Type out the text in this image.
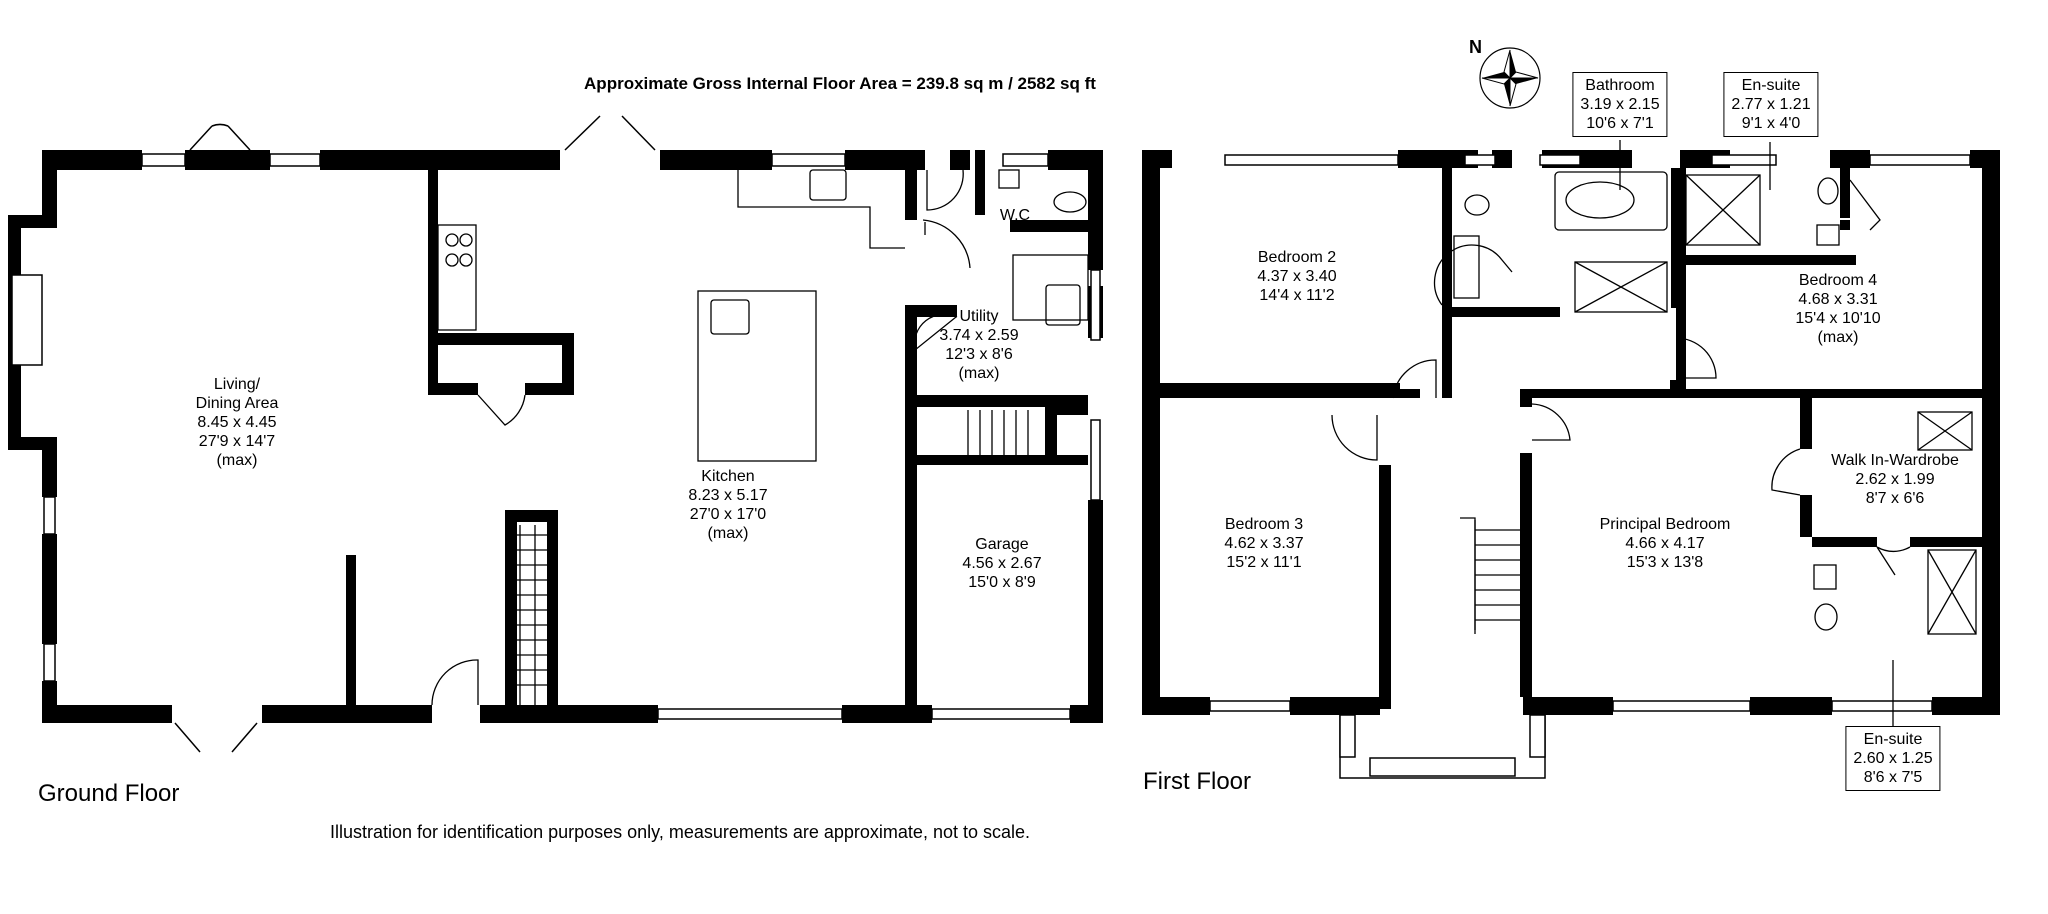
Approximate Gross Internal Floor Area = 239.8 sq m / 2582 sq ft
N
Ground Floor	First Floor
Living/
Dining Area
8.45 x 4.45
27'9 x 14'7
(max)
Kitchen
8.23 x 5.17
27'0 x 17'0
(max)
Utility
3.74 x 2.59
12'3 x 8'6
(max)
W.C
Garage
4.56 x 2.67
15'0 x 8'9
Bedroom 2
4.37 x 3.40
14'4 x 11'2
Bedroom 3
4.62 x 3.37
15'2 x 11'1
Bedroom 4
4.68 x 3.31
15'4 x 10'10
(max)
Principal Bedroom
4.66 x 4.17
15'3 x 13'8
Walk In-Wardrobe
2.62 x 1.99
8'7 x 6'6
Bathroom
3.19 x 2.15
10'6 x 7'1
En-suite
2.77 x 1.21
9'1 x 4'0
En-suite
2.60 x 1.25
8'6 x 7'5
Illustration for identification purposes only, measurements are approximate, not to scale.
